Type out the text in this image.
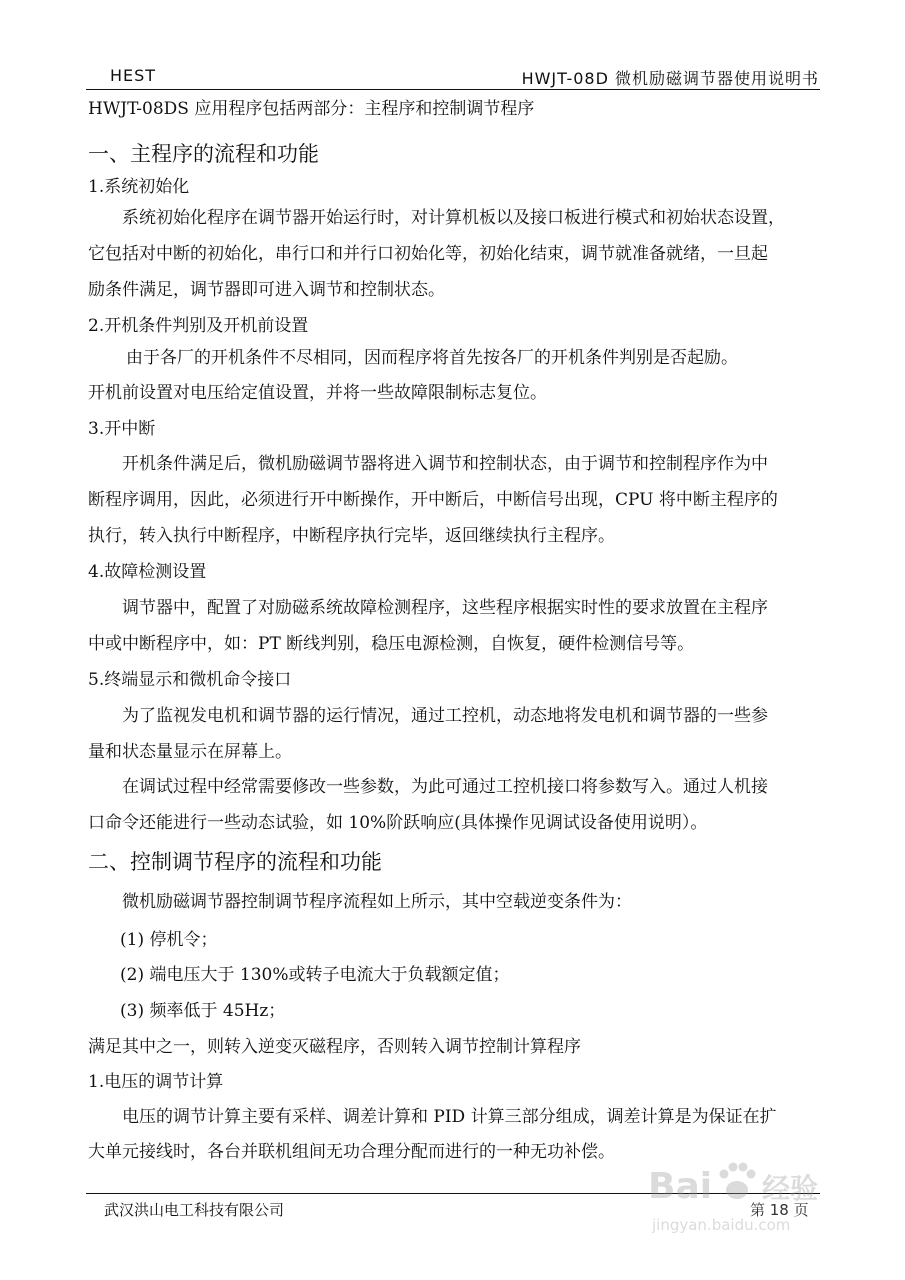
HEST	HWJT-08D 微机励磁调节器使用说明书
HWJT-08DS 应用程序包括两部分：主程序和控制调节程序
一、主程序的流程和功能
1.系统初始化
系统初始化程序在调节器开始运行时，对计算机板以及接口板进行模式和初始状态设置，
它包括对中断的初始化，串行口和并行口初始化等，初始化结束，调节就准备就绪，一旦起
励条件满足，调节器即可进入调节和控制状态。
2.开机条件判别及开机前设置
由于各厂的开机条件不尽相同，因而程序将首先按各厂的开机条件判别是否起励。
开机前设置对电压给定值设置，并将一些故障限制标志复位。
3.开中断
开机条件满足后，微机励磁调节器将进入调节和控制状态，由于调节和控制程序作为中
断程序调用，因此，必须进行开中断操作，开中断后，中断信号出现，CPU 将中断主程序的
执行，转入执行中断程序，中断程序执行完毕，返回继续执行主程序。
4.故障检测设置
调节器中，配置了对励磁系统故障检测程序，这些程序根据实时性的要求放置在主程序
中或中断程序中，如：PT 断线判别，稳压电源检测，自恢复，硬件检测信号等。
5.终端显示和微机命令接口
为了监视发电机和调节器的运行情况，通过工控机，动态地将发电机和调节器的一些参
量和状态量显示在屏幕上。
在调试过程中经常需要修改一些参数，为此可通过工控机接口将参数写入。通过人机接
口命令还能进行一些动态试验，如 10%阶跃响应(具体操作见调试设备使用说明）。
二、控制调节程序的流程和功能
微机励磁调节器控制调节程序流程如上所示，其中空载逆变条件为：
(1) 停机令；
(2) 端电压大于 130%或转子电流大于负载额定值；
(3) 频率低于 45Hz；
满足其中之一，则转入逆变灭磁程序，否则转入调节控制计算程序
1.电压的调节计算
电压的调节计算主要有采样、调差计算和 PID 计算三部分组成，调差计算是为保证在扩
大单元接线时，各台并联机组间无功合理分配而进行的一种无功补偿。
武汉洪山电工科技有限公司	第 18 页
Bai 经验
jingyan.baidu.com
